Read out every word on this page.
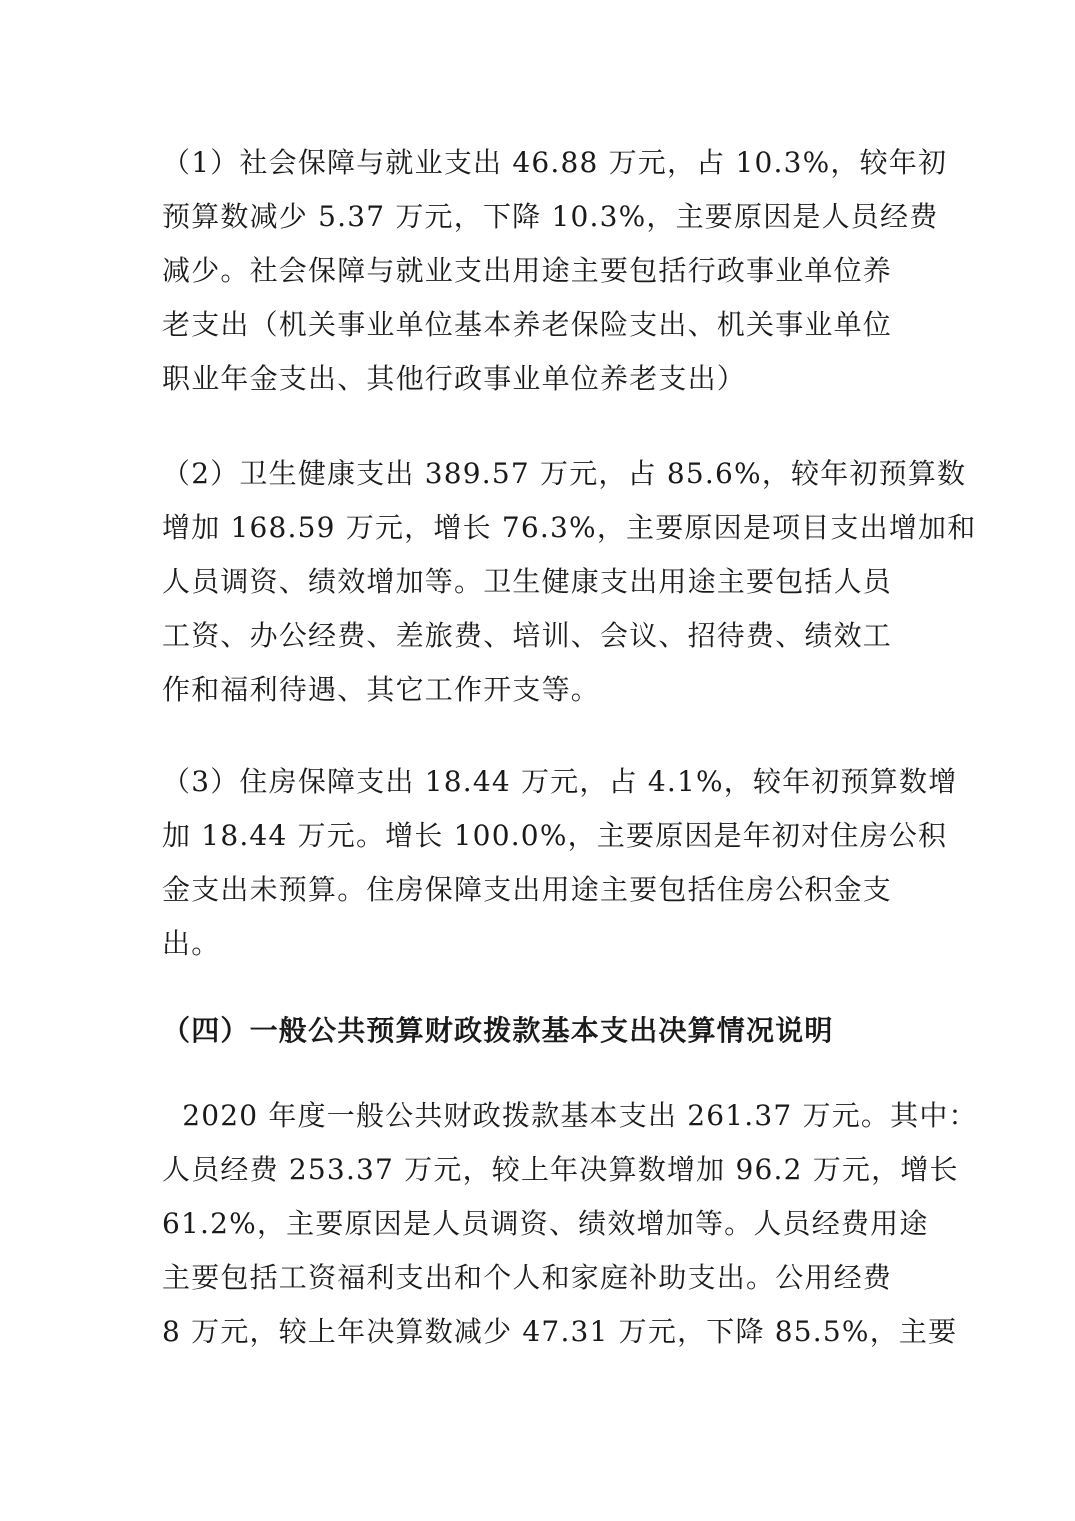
（1）社会保障与就业支出 46.88 万元，占 10.3%，较年初
预算数减少 5.37 万元，下降 10.3%，主要原因是人员经费
减少。社会保障与就业支出用途主要包括行政事业单位养
老支出（机关事业单位基本养老保险支出、机关事业单位
职业年金支出、其他行政事业单位养老支出）
（2）卫生健康支出 389.57 万元，占 85.6%，较年初预算数
增加 168.59 万元，增长 76.3%，主要原因是项目支出增加和
人员调资、绩效增加等。卫生健康支出用途主要包括人员
工资、办公经费、差旅费、培训、会议、招待费、绩效工
作和福利待遇、其它工作开支等。
（3）住房保障支出 18.44 万元，占 4.1%，较年初预算数增
加 18.44 万元。增长 100.0%，主要原因是年初对住房公积
金支出未预算。住房保障支出用途主要包括住房公积金支
出。
（四）一般公共预算财政拨款基本支出决算情况说明
2020 年度一般公共财政拨款基本支出 261.37 万元。其中：
人员经费 253.37 万元，较上年决算数增加 96.2 万元，增长
61.2%，主要原因是人员调资、绩效增加等。人员经费用途
主要包括工资福利支出和个人和家庭补助支出。公用经费
8 万元，较上年决算数减少 47.31 万元，下降 85.5%，主要
